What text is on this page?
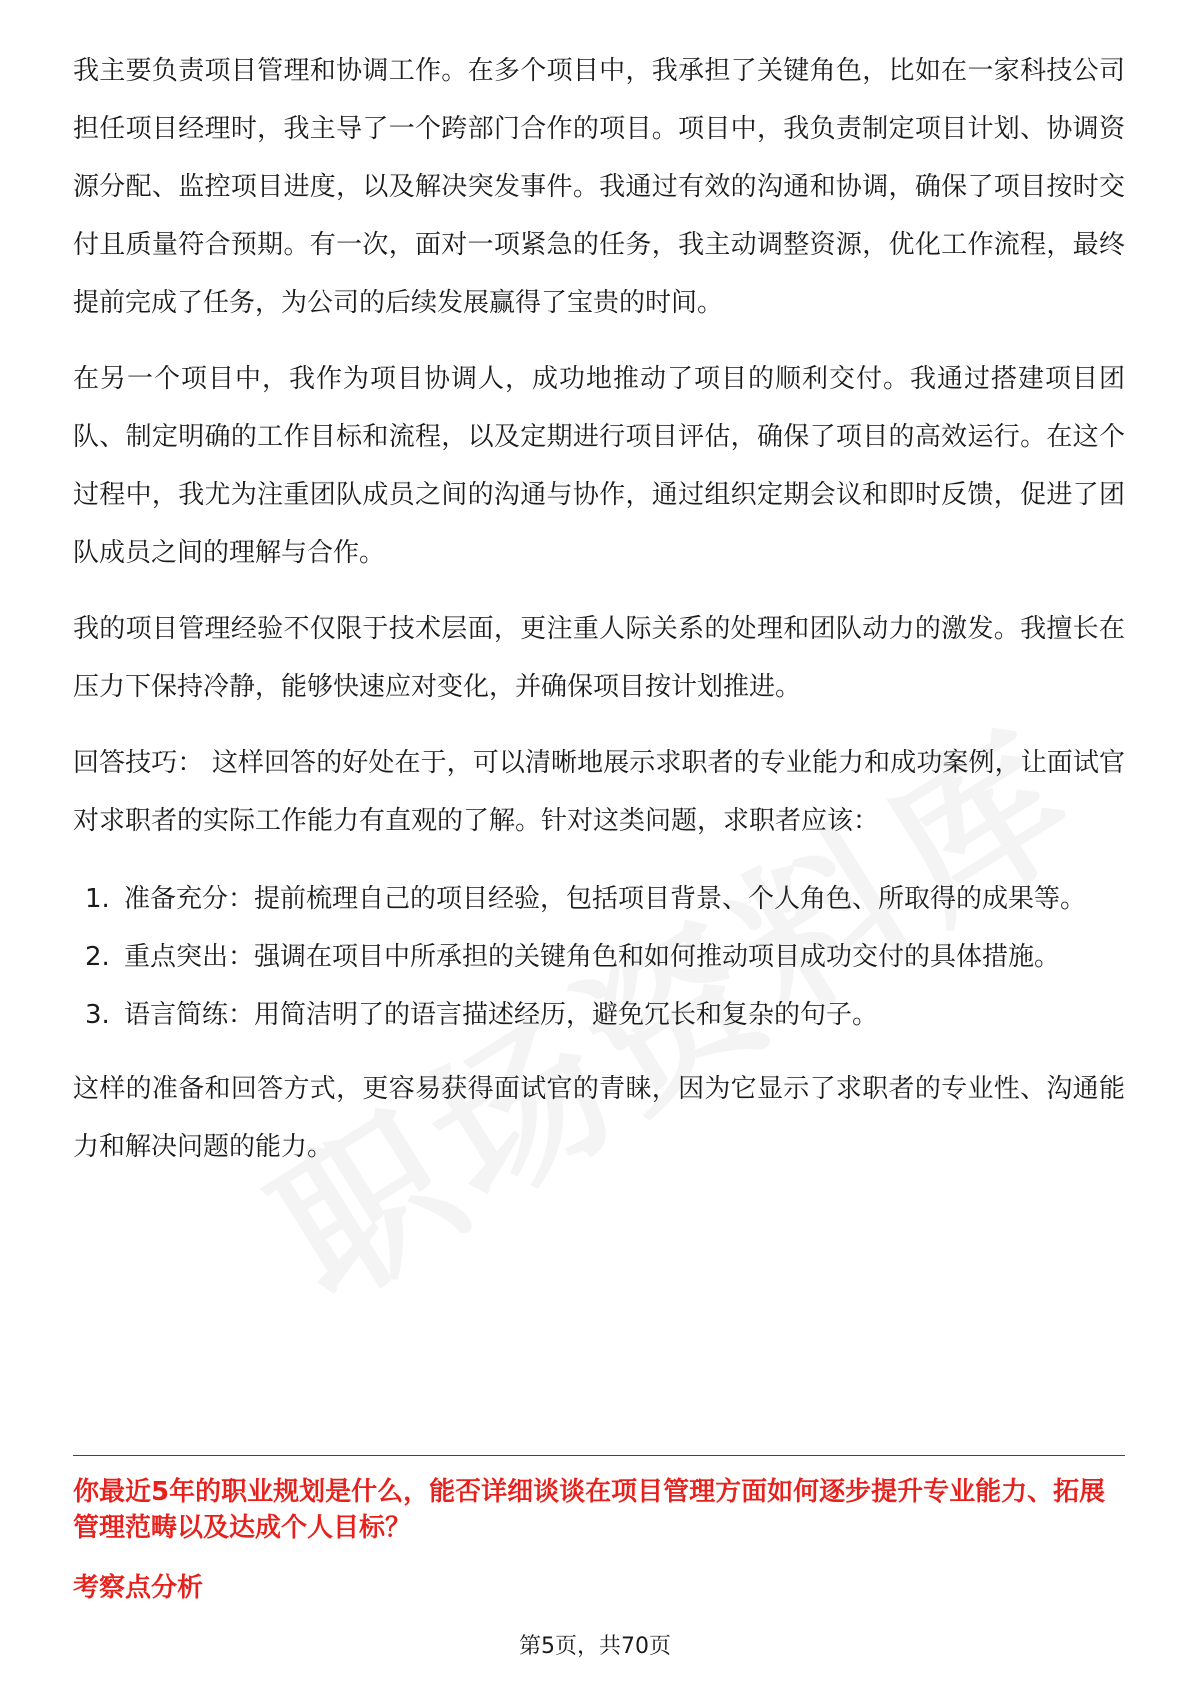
我主要负责项目管理和协调工作。在多个项目中，我承担了关键角色，比如在一家科技公司担任项目经理时，我主导了一个跨部门合作的项目。项目中，我负责制定项目计划、协调资源分配、监控项目进度，以及解决突发事件。我通过有效的沟通和协调，确保了项目按时交付且质量符合预期。有一次，面对一项紧急的任务，我主动调整资源，优化工作流程，最终提前完成了任务，为公司的后续发展赢得了宝贵的时间。

在另一个项目中，我作为项目协调人，成功地推动了项目的顺利交付。我通过搭建项目团队、制定明确的工作目标和流程，以及定期进行项目评估，确保了项目的高效运行。在这个过程中，我尤为注重团队成员之间的沟通与协作，通过组织定期会议和即时反馈，促进了团队成员之间的理解与合作。

我的项目管理经验不仅限于技术层面，更注重人际关系的处理和团队动力的激发。我擅长在压力下保持冷静，能够快速应对变化，并确保项目按计划推进。

回答技巧： 这样回答的好处在于，可以清晰地展示求职者的专业能力和成功案例，让面试官对求职者的实际工作能力有直观的了解。针对这类问题，求职者应该：

1. 准备充分：提前梳理自己的项目经验，包括项目背景、个人角色、所取得的成果等。
2. 重点突出：强调在项目中所承担的关键角色和如何推动项目成功交付的具体措施。
3. 语言简练：用简洁明了的语言描述经历，避免冗长和复杂的句子。

这样的准备和回答方式，更容易获得面试官的青睐，因为它显示了求职者的专业性、沟通能力和解决问题的能力。

你最近5年的职业规划是什么，能否详细谈谈在项目管理方面如何逐步提升专业能力、拓展管理范畴以及达成个人目标？

考察点分析

第5页，共70页
